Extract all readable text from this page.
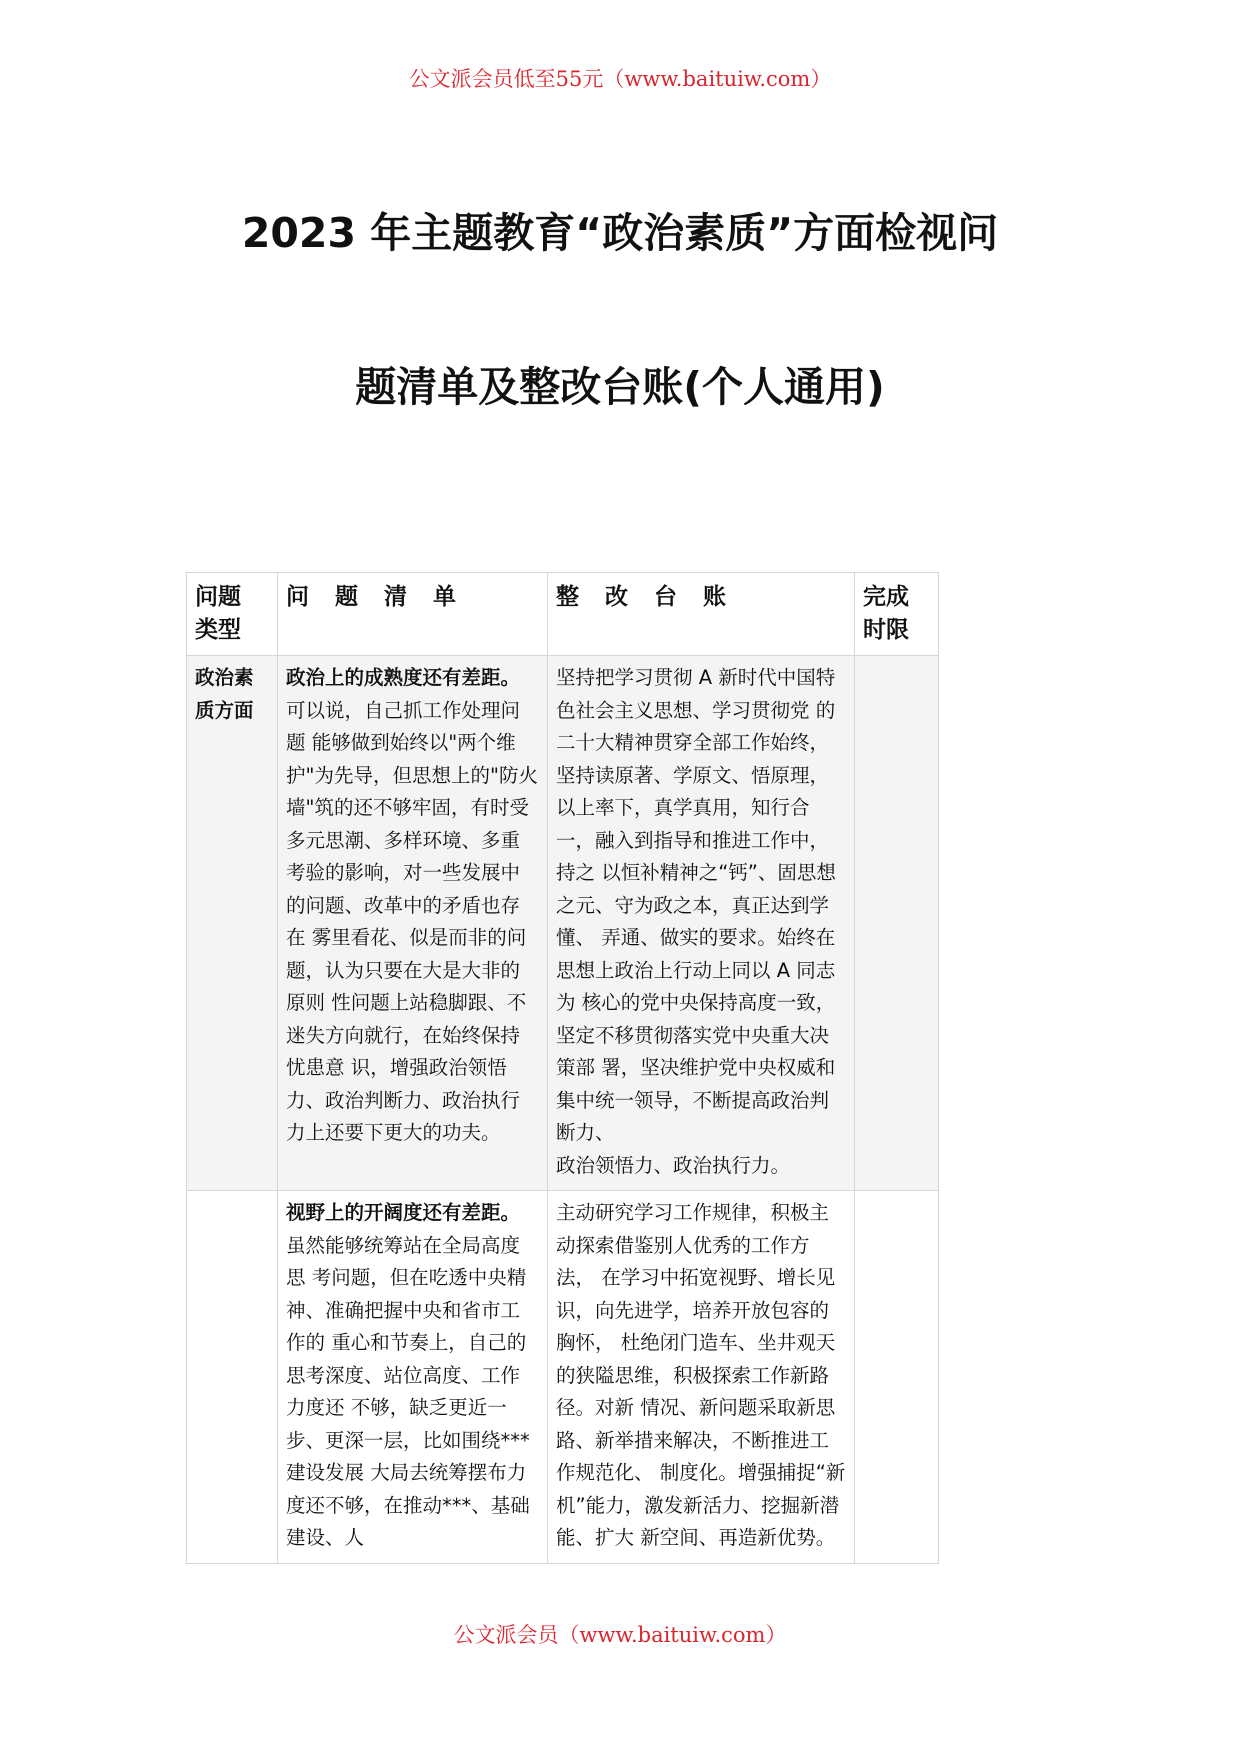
公文派会员低至55元（www.baituiw.com）
2023 年主题教育“政治素质”方面检视问
题清单及整改台账(个人通用)
问题
类型	问 题 清 单	整 改 台 账	完成
时限

政治素质方面	政治上的成熟度还有差距。
可以说，自己抓工作处理问题 能够做到始终以"两个维护"为先导，但思想上的"防火 墙"筑的还不够牢固，有时受多元思潮、多样环境、多重 考验的影响，对一些发展中的问题、改革中的矛盾也存在 雾里看花、似是而非的问题，认为只要在大是大非的原则 性问题上站稳脚跟、不迷失方向就行，在始终保持忧患意 识，增强政治领悟力、政治判断力、政治执行力上还要下更大的功夫。	坚持把学习贯彻 A 新时代中国特色社会主义思想、学习贯彻党 的二十大精神贯穿全部工作始终，坚持读原著、学原文、悟原理， 以上率下，真学真用，知行合一，融入到指导和推进工作中，持之 以恒补精神之“钙”、固思想之元、守为政之本，真正达到学懂、 弄通、做实的要求。始终在思想上政治上行动上同以 A 同志为 核心的党中央保持高度一致，坚定不移贯彻落实党中央重大决策部 署，坚决维护党中央权威和集中统一领导，不断提高政治判断力、
政治领悟力、政治执行力。	

	视野上的开阔度还有差距。
虽然能够统筹站在全局高度思 考问题，但在吃透中央精神、准确把握中央和省市工作的 重心和节奏上，自己的思考深度、站位高度、工作力度还 不够，缺乏更近一步、更深一层，比如围绕***建设发展 大局去统筹摆布力度还不够，在推动***、基础建设、人	主动研究学习工作规律，积极主动探索借鉴别人优秀的工作方法， 在学习中拓宽视野、增长见识，向先进学，培养开放包容的胸怀， 杜绝闭门造车、坐井观天的狭隘思维，积极探索工作新路径。对新 情况、新问题采取新思路、新举措来解决，不断推进工作规范化、 制度化。增强捕捉“新机”能力，激发新活力、挖掘新潜能、扩大 新空间、再造新优势。	

公文派会员（www.baituiw.com）
